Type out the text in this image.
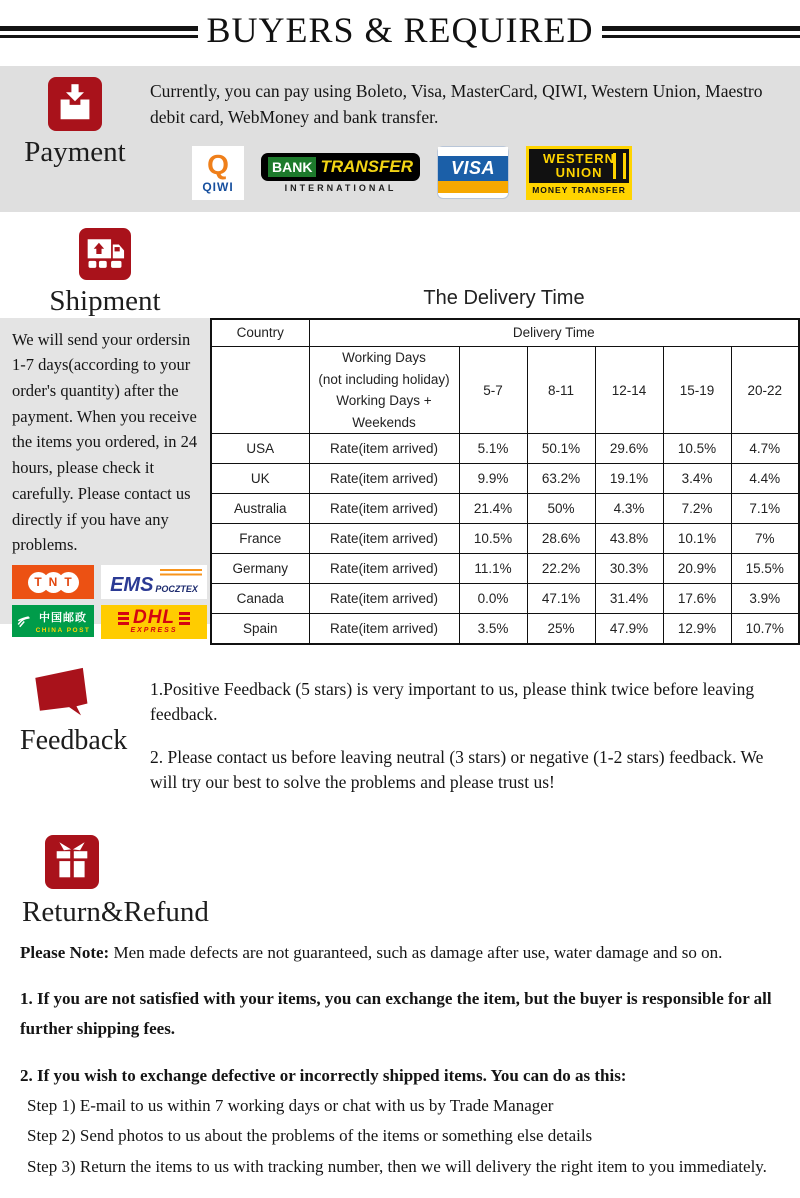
BUYERS & REQUIRED
Payment
Currently, you can pay using Boleto, Visa, MasterCard, QIWI, Western Union, Maestro debit card, WebMoney and bank transfer.
Q
QIWI
BANK TRANSFER
INTERNATIONAL
VISA	WESTERN
UNION
MONEY TRANSFER
Shipment	The Delivery Time
We will send your ordersin 1-7 days(according to your order's quantity) after the payment. When you receive the items you ordered, in 24 hours, please check it carefully. Please contact us directly if you have any problems.
T N T	EMS POCZTEX
中国邮政
CHINA POST
DHL
EXPRESS
Country	Delivery Time					

	Working Days
(not including holiday)
Working Days + Weekends	5-7	8-11	12-14	15-19	20-22
USA	Rate(item arrived)	5.1%	50.1%	29.6%	10.5%	4.7%
UK	Rate(item arrived)	9.9%	63.2%	19.1%	3.4%	4.4%
Australia	Rate(item arrived)	21.4%	50%	4.3%	7.2%	7.1%
France	Rate(item arrived)	10.5%	28.6%	43.8%	10.1%	7%
Germany	Rate(item arrived)	11.1%	22.2%	30.3%	20.9%	15.5%
Canada	Rate(item arrived)	0.0%	47.1%	31.4%	17.6%	3.9%
Spain	Rate(item arrived)	3.5%	25%	47.9%	12.9%	10.7%
Feedback

1.Positive Feedback (5 stars) is very important to us, please think twice before leaving feedback.

2. Please contact us before leaving neutral (3 stars) or negative (1-2 stars) feedback. We will try our best to solve the problems and please trust us!

Return&Refund

Please Note: Men made defects are not guaranteed, such as damage after use, water damage and so on.

1. If you are not satisfied with your items, you can exchange the item, but the buyer is responsible for all further shipping fees.

2. If you wish to exchange defective or incorrectly shipped items. You can do as this:

Step 1) E-mail to us within 7 working days or chat with us by Trade Manager

Step 2) Send photos to us about the problems of the items or something else details

Step 3) Return the items to us with tracking number, then we will delivery the right item to you immediately.
